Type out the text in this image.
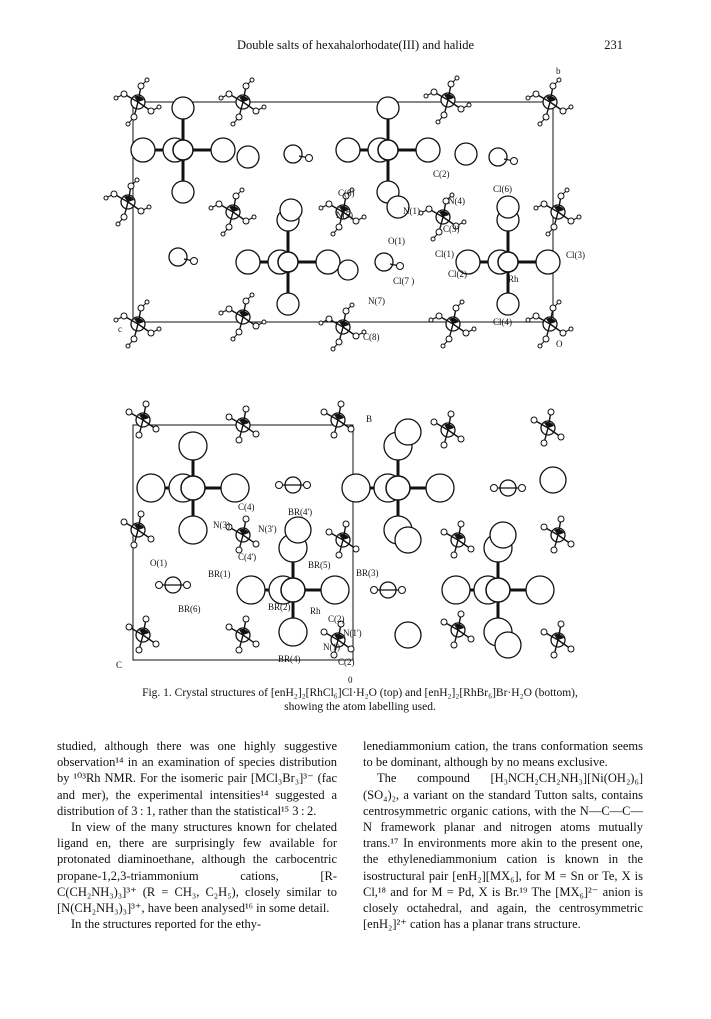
Double salts of hexahalorhodate(III) and halide	231
b
c
O
C(2)
C(6)	Cl(6)
N(4)
N(5)	N(1)
C(3)
O(1)
Cl(1)	Cl(3)
Cl(2)	Rh
Cl(7 )
N(7)
Cl(4)
C(8)
B
C
0
C(4)	BR(4')
N(3)	N(3')
C(4')
O(1)
BR(1)
BR(5)
BR(3)
BR(6)	BR(2) Rh
C(2)
N(1')
N(1)
BR(4)	C(2)
Fig. 1. Crystal structures of [enH₂]₂[RhCl₆]Cl·H₂O (top) and [enH₂]₂[RhBr₆]Br·H₂O (bottom),
showing the atom labelling used.

studied, although there was one highly suggestive observation¹⁴ in an examination of species distribution by ¹⁰³Rh NMR. For the isomeric pair [MCl₃Br₃]³⁻ (fac and mer), the experimental intensities¹⁴ suggested a distribution of 3 : 1, rather than the statistical¹⁵ 3 : 2.

In view of the many structures known for chelated ligand en, there are surprisingly few available for protonated diaminoethane, although the carbocentric propane-1,2,3-triammonium cations, [R-C(CH₂NH₃)₃]³⁺ (R = CH₃, C₂H₅), closely similar to [N(CH₂NH₃)₃]³⁺, have been analysed¹⁶ in some detail.

In the structures reported for the ethy-

lenediammonium cation, the trans conformation seems to be dominant, although by no means exclusive.

The compound [H₃NCH₂CH₂NH₃][Ni(OH₂)₆](SO₄)₂, a variant on the standard Tutton salts, contains centrosymmetric organic cations, with the N—C—C—N framework planar and nitrogen atoms mutually trans.¹⁷ In environments more akin to the present one, the ethylenediammonium cation is known in the isostructural pair [enH₂][MX₆], for M = Sn or Te, X is Cl,¹⁸ and for M = Pd, X is Br.¹⁹ The [MX₆]²⁻ anion is closely octahedral, and again, the centrosymmetric [enH₂]²⁺ cation has a planar trans structure.
